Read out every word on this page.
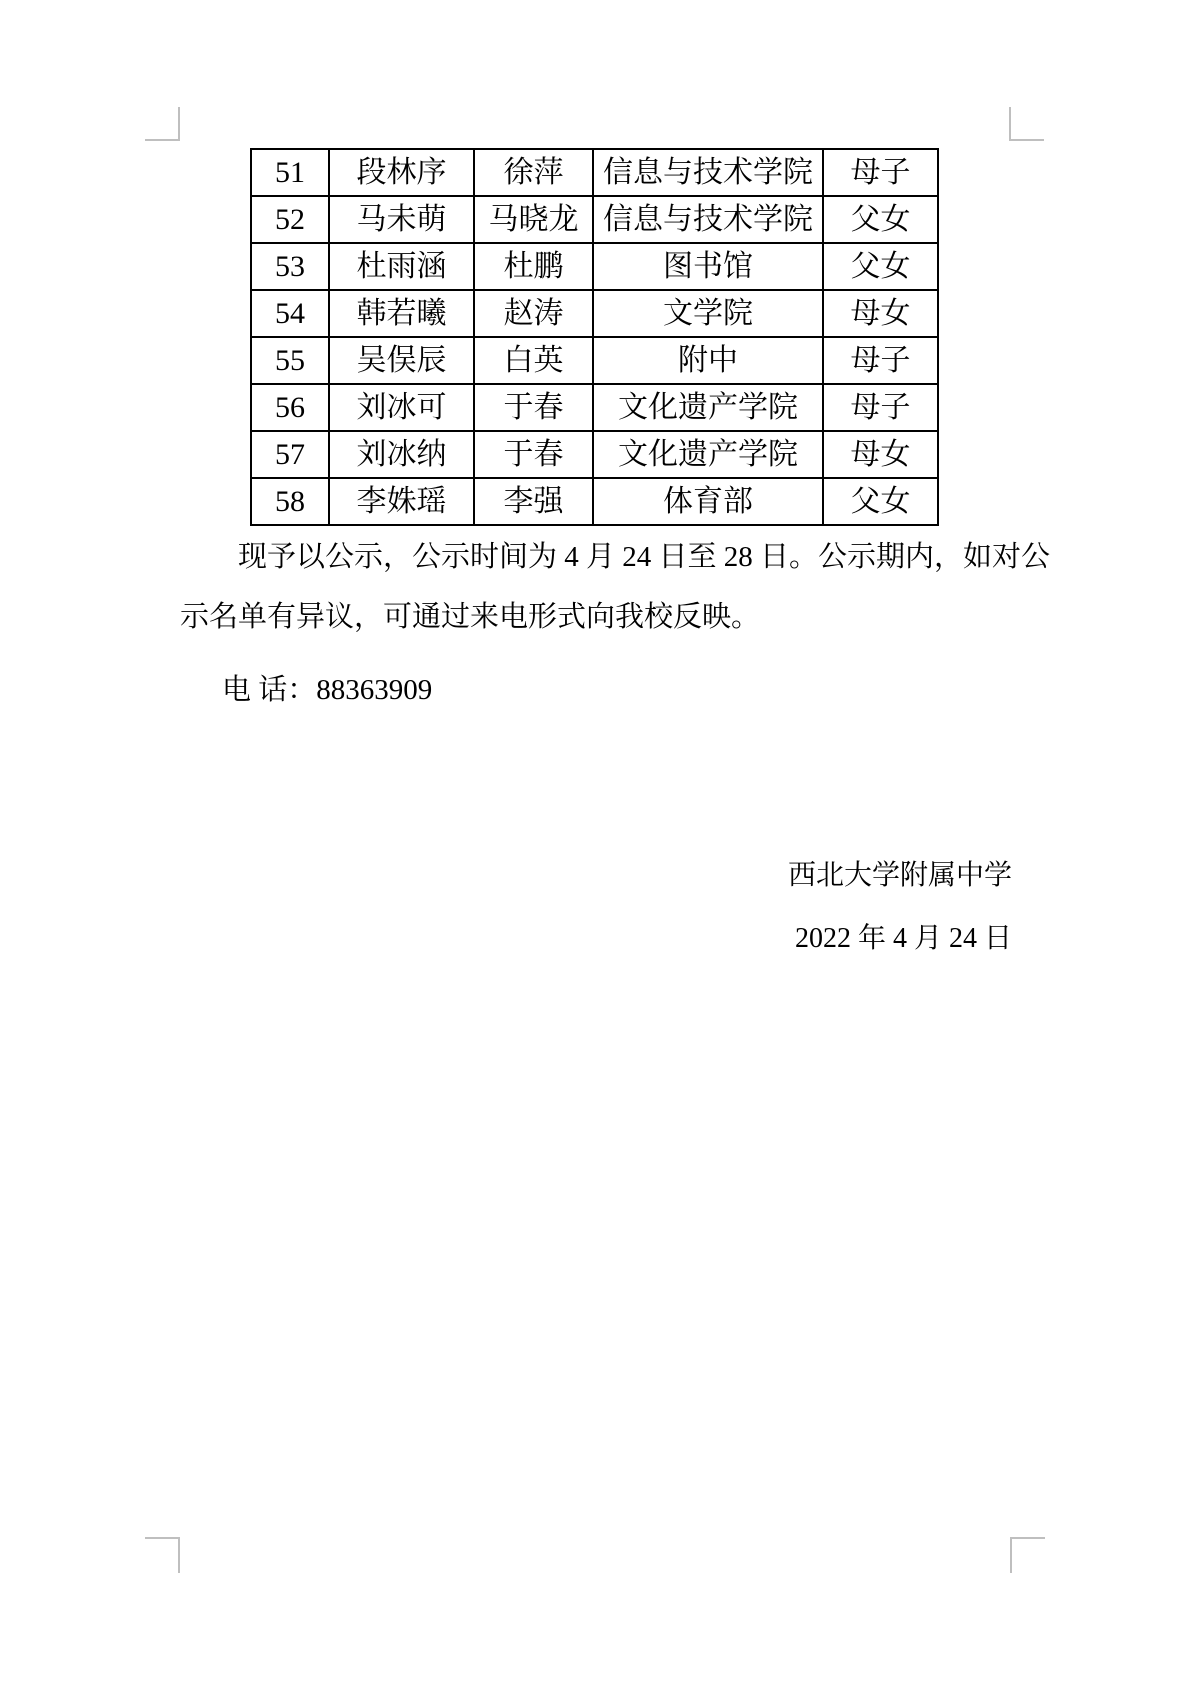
51	段林序	徐萍	信息与技术学院	母子
52	马未萌	马晓龙	信息与技术学院	父女
53	杜雨涵	杜鹏	图书馆	父女
54	韩若曦	赵涛	文学院	母女
55	吴俣辰	白英	附中	母子
56	刘冰可	于春	文化遗产学院	母子
57	刘冰纳	于春	文化遗产学院	母女
58	李姝瑶	李强	体育部	父女
现予以公示，公示时间为 4 月 24 日至 28 日。公示期内，如对公
示名单有异议，可通过来电形式向我校反映。
电 话：88363909
西北大学附属中学
2022 年 4 月 24 日
